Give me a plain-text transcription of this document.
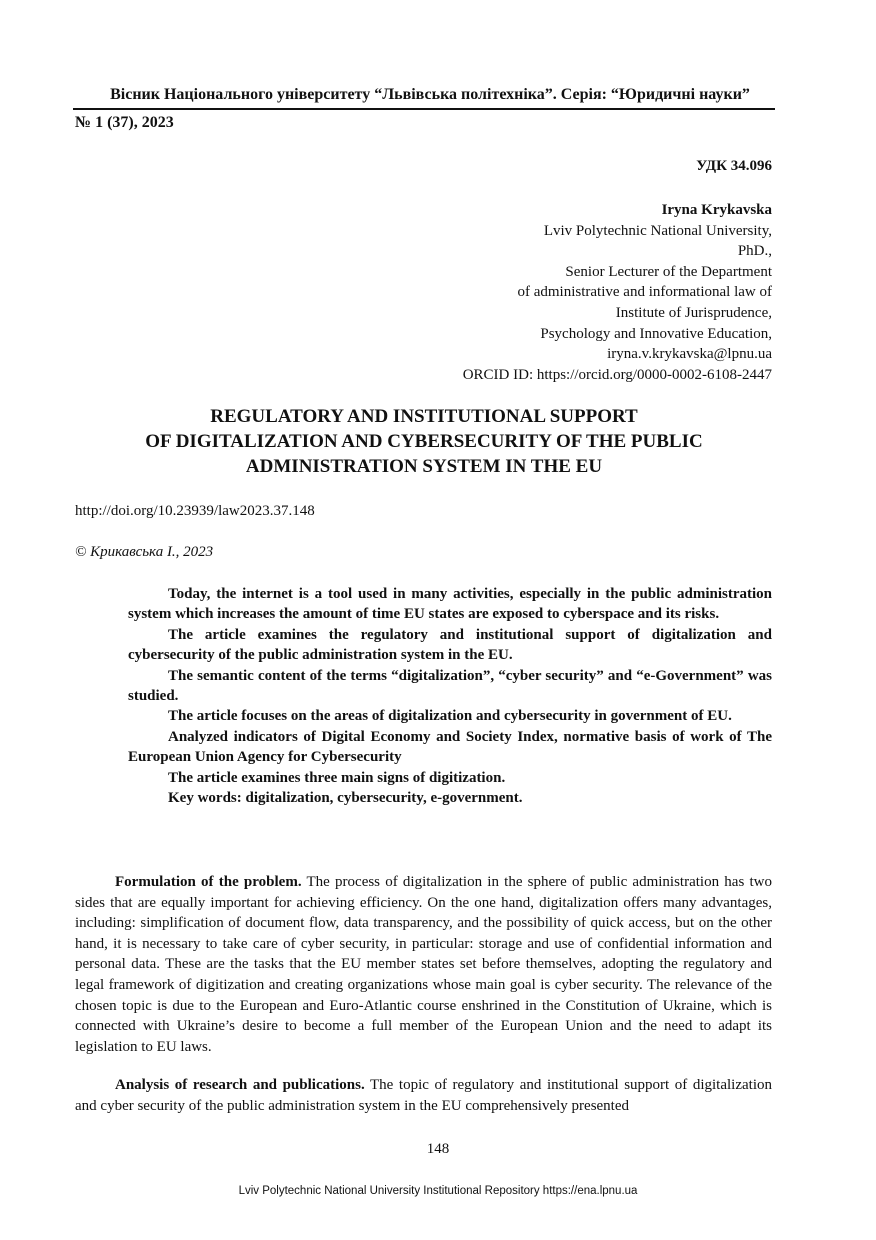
Вісник Національного університету “Львівська політехніка”. Серія: “Юридичні науки”
№ 1 (37), 2023
УДК 34.096
Iryna Krykavska
Lviv Polytechnic National University,
PhD.,
Senior Lecturer of the Department
of administrative and informational law of
Institute of Jurisprudence,
Psychology and Innovative Education,
iryna.v.krykavska@lpnu.ua
ORCID ID: https://orcid.org/0000-0002-6108-2447
REGULATORY AND INSTITUTIONAL SUPPORT
OF DIGITALIZATION AND CYBERSECURITY OF THE PUBLIC
ADMINISTRATION SYSTEM IN THE EU
http://doi.org/10.23939/law2023.37.148
© Крикавська І., 2023

Today, the internet is a tool used in many activities, especially in the public administration system which increases the amount of time EU states are exposed to cyberspace and its risks.

The article examines the regulatory and institutional support of digitalization and cybersecurity of the public administration system in the EU.

The semantic content of the terms “digitalization”, “cyber security” and “e-Government” was studied.

The article focuses on the areas of digitalization and cybersecurity in government of EU.

Analyzed indicators of Digital Economy and Society Index, normative basis of work of The European Union Agency for Cybersecurity

The article examines three main signs of digitization.

Key words: digitalization, cybersecurity, e-government.

Formulation of the problem. The process of digitalization in the sphere of public administration has two sides that are equally important for achieving efficiency. On the one hand, digitalization offers many advantages, including: simplification of document flow, data transparency, and the possibility of quick access, but on the other hand, it is necessary to take care of cyber security, in particular: storage and use of confidential information and personal data. These are the tasks that the EU member states set before themselves, adopting the regulatory and legal framework of digitization and creating organizations whose main goal is cyber security. The relevance of the chosen topic is due to the European and Euro-Atlantic course enshrined in the Constitution of Ukraine, which is connected with Ukraine’s desire to become a full member of the European Union and the need to adapt its legislation to EU laws.

Analysis of research and publications. The topic of regulatory and institutional support of digitalization and cyber security of the public administration system in the EU comprehensively presented

148
Lviv Polytechnic National University Institutional Repository https://ena.lpnu.ua
